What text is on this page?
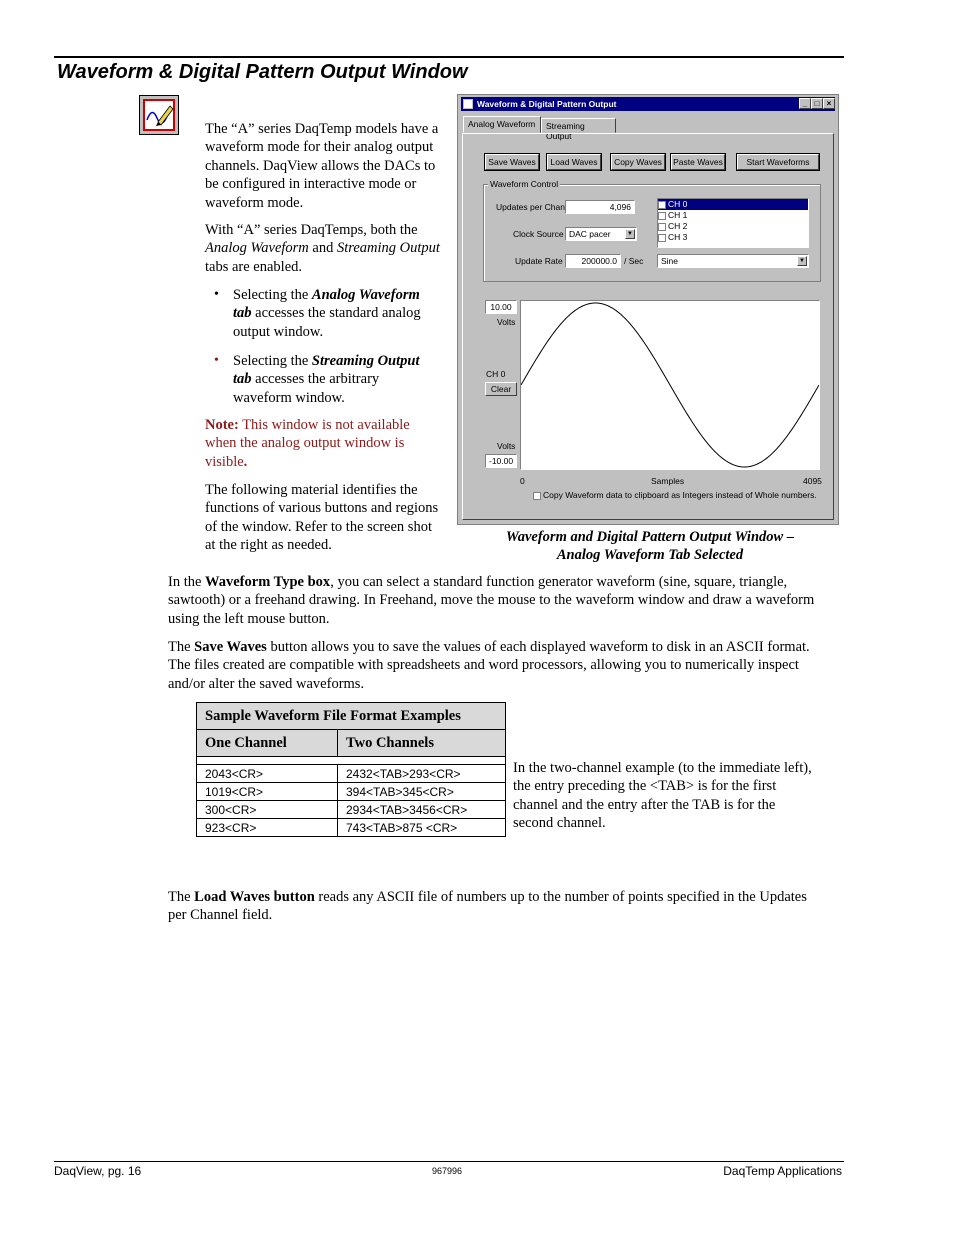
Waveform & Digital Pattern Output Window
The “A” series DaqTemp models have a waveform mode for their analog output channels. DaqView allows the DACs to be configured in interactive mode or waveform mode.
With “A” series DaqTemps, both the Analog Waveform and Streaming Output tabs are enabled.
• Selecting the Analog Waveform tab accesses the standard analog output window.
• Selecting the Streaming Output tab accesses the arbitrary waveform window.
Note: This window is not available when the analog output window is visible.
The following material identifies the functions of various buttons and regions of the window. Refer to the screen shot at the right as needed.
Waveform & Digital Pattern Output	_ □ ×
Analog Waveform	Streaming Output
Save Waves	Load Waves	Copy Waves	Paste Waves	Start Waveforms
Waveform Control
Updates per Chan	4,096
Clock Source DAC pacer	▼
Update Rate	200000.0 / Sec
✓ CH 0
CH 1
CH 2
CH 3
Sine	▼
10.00
Volts
CH 0
Clear
Volts
-10.00
0	Samples	4095
Copy Waveform data to clipboard as Integers instead of Whole numbers.
Waveform and Digital Pattern Output Window –
Analog Waveform Tab Selected
In the Waveform Type box, you can select a standard function generator waveform (sine, square, triangle, sawtooth) or a freehand drawing. In Freehand, move the mouse to the waveform window and draw a waveform using the left mouse button.
The Save Waves button allows you to save the values of each displayed waveform to disk in an ASCII format. The files created are compatible with spreadsheets and word processors, allowing you to numerically inspect and/or alter the saved waveforms.
Sample Waveform File Format Examples	
One Channel	Two Channels

2043<CR>	2432<TAB>293<CR>
1019<CR>	394<TAB>345<CR>
300<CR>	2934<TAB>3456<CR>
923<CR>	743<TAB>875 <CR>
In the two-channel example (to the immediate left), the entry preceding the <TAB> is for the first channel and the entry after the TAB is for the second channel.
The Load Waves button reads any ASCII file of numbers up to the number of points specified in the Updates per Channel field.
DaqView, pg. 16	967996	DaqTemp Applications
